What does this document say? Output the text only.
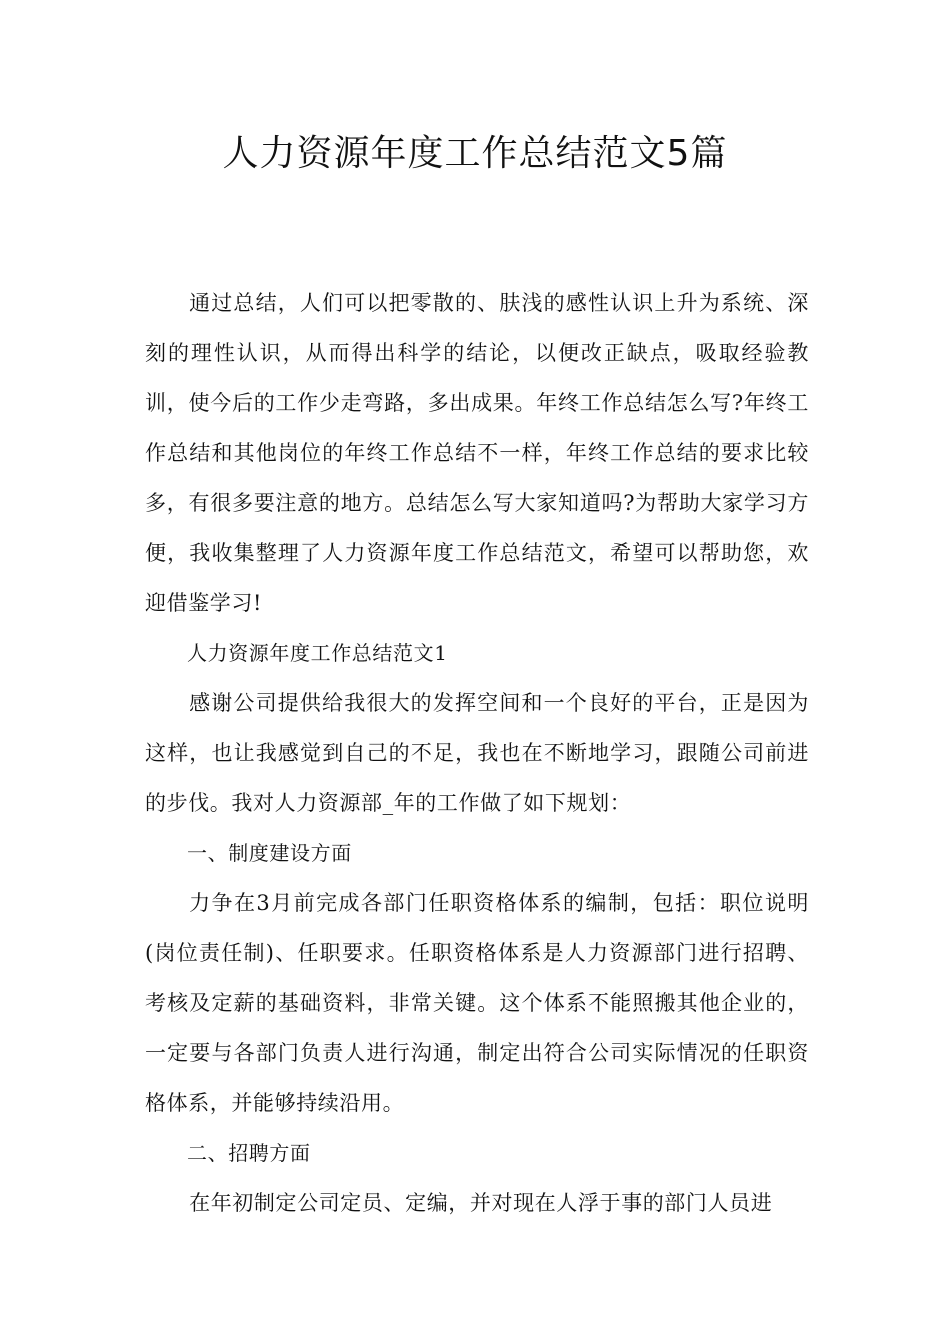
人力资源年度工作总结范文5篇

通过总结，人们可以把零散的、肤浅的感性认识上升为系统、深刻的理性认识，从而得出科学的结论，以便改正缺点，吸取经验教训，使今后的工作少走弯路，多出成果。年终工作总结怎么写?年终工作总结和其他岗位的年终工作总结不一样，年终工作总结的要求比较多，有很多要注意的地方。总结怎么写大家知道吗?为帮助大家学习方便，我收集整理了人力资源年度工作总结范文，希望可以帮助您，欢迎借鉴学习!

人力资源年度工作总结范文1

感谢公司提供给我很大的发挥空间和一个良好的平台，正是因为这样，也让我感觉到自己的不足，我也在不断地学习，跟随公司前进的步伐。我对人力资源部_年的工作做了如下规划：

一、制度建设方面

力争在3月前完成各部门任职资格体系的编制，包括：职位说明(岗位责任制)、任职要求。任职资格体系是人力资源部门进行招聘、考核及定薪的基础资料，非常关键。这个体系不能照搬其他企业的，一定要与各部门负责人进行沟通，制定出符合公司实际情况的任职资格体系，并能够持续沿用。

二、招聘方面

在年初制定公司定员、定编，并对现在人浮于事的部门人员进
